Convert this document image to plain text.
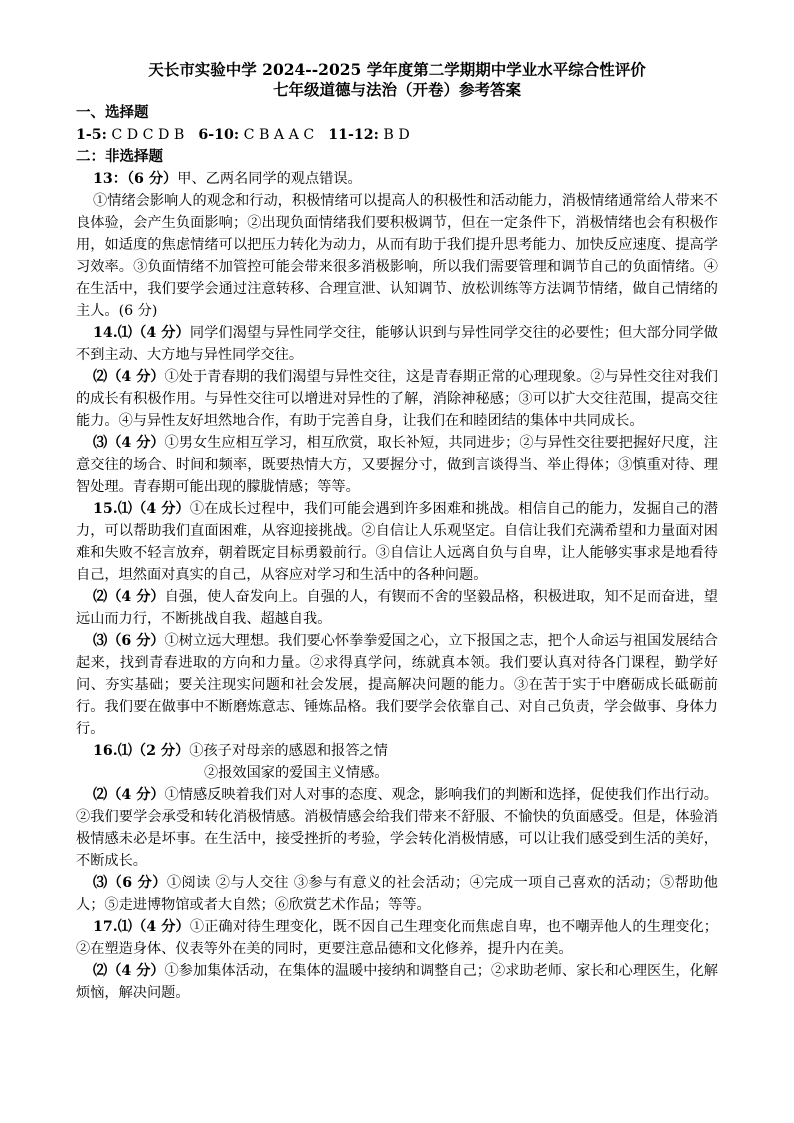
天长市实验中学 2024--2025 学年度第二学期期中学业水平综合性评价

七年级道德与法治（开卷）参考答案

一、选择题

1-5: C D C D B 6-10: C B A A C 11-12: B D

二：非选择题

13：（6 分）甲、乙两名同学的观点错误。

①情绪会影响人的观念和行动，积极情绪可以提高人的积极性和活动能力，消极情绪通常给人带来不良体验，会产生负面影响；②出现负面情绪我们要积极调节，但在一定条件下，消极情绪也会有积极作用，如适度的焦虑情绪可以把压力转化为动力，从而有助于我们提升思考能力、加快反应速度、提高学习效率。③负面情绪不加管控可能会带来很多消极影响，所以我们需要管理和调节自己的负面情绪。④在生活中，我们要学会通过注意转移、合理宣泄、认知调节、放松训练等方法调节情绪，做自己情绪的主人。(6 分)

14.⑴（4 分）同学们渴望与异性同学交往，能够认识到与异性同学交往的必要性；但大部分同学做不到主动、大方地与异性同学交往。

⑵（4 分）①处于青春期的我们渴望与异性交往，这是青春期正常的心理现象。②与异性交往对我们的成长有积极作用。与异性交往可以增进对异性的了解，消除神秘感；③可以扩大交往范围，提高交往能力。④与异性友好坦然地合作，有助于完善自身，让我们在和睦团结的集体中共同成长。

⑶（4 分）①男女生应相互学习，相互欣赏，取长补短，共同进步；②与异性交往要把握好尺度，注意交往的场合、时间和频率，既要热情大方，又要握分寸，做到言谈得当、举止得体；③慎重对待、理智处理。青春期可能出现的朦胧情感；等等。

15.⑴（4 分）①在成长过程中，我们可能会遇到许多困难和挑战。相信自己的能力，发掘自己的潜力，可以帮助我们直面困难，从容迎接挑战。②自信让人乐观坚定。自信让我们充满希望和力量面对困难和失败不轻言放弃，朝着既定目标勇毅前行。③自信让人远离自负与自卑，让人能够实事求是地看待自己，坦然面对真实的自己，从容应对学习和生活中的各种问题。

⑵（4 分）自强，使人奋发向上。自强的人，有锲而不舍的坚毅品格，积极进取，知不足而奋进，望远山而力行，不断挑战自我、超越自我。

⑶（6 分）①树立远大理想。我们要心怀拳拳爱国之心，立下报国之志，把个人命运与祖国发展结合起来，找到青春进取的方向和力量。②求得真学问，练就真本领。我们要认真对待各门课程，勤学好问、夯实基础；要关注现实问题和社会发展，提高解决问题的能力。③在苦于实于中磨砺成长砥砺前行。我们要在做事中不断磨炼意志、锤炼品格。我们要学会依靠自己、对自己负责，学会做事、身体力行。

16.⑴（2 分）①孩子对母亲的感恩和报答之情

②报效国家的爱国主义情感。

⑵（4 分）①情感反映着我们对人对事的态度、观念，影响我们的判断和选择，促使我们作出行动。②我们要学会承受和转化消极情感。消极情感会给我们带来不舒服、不愉快的负面感受。但是，体验消极情感未必是坏事。在生活中，接受挫折的考验，学会转化消极情感，可以让我们感受到生活的美好，不断成长。

⑶（6 分）①阅读 ②与人交往 ③参与有意义的社会活动；④完成一项自己喜欢的活动；⑤帮助他人；⑤走进博物馆或者大自然；⑥欣赏艺术作品；等等。

17.⑴（4 分）①正确对待生理变化，既不因自己生理变化而焦虑自卑，也不嘲弄他人的生理变化；②在塑造身体、仪表等外在美的同时，更要注意品德和文化修养，提升内在美。

⑵（4 分）①参加集体活动，在集体的温暖中接纳和调整自己；②求助老师、家长和心理医生，化解烦恼，解决问题。
